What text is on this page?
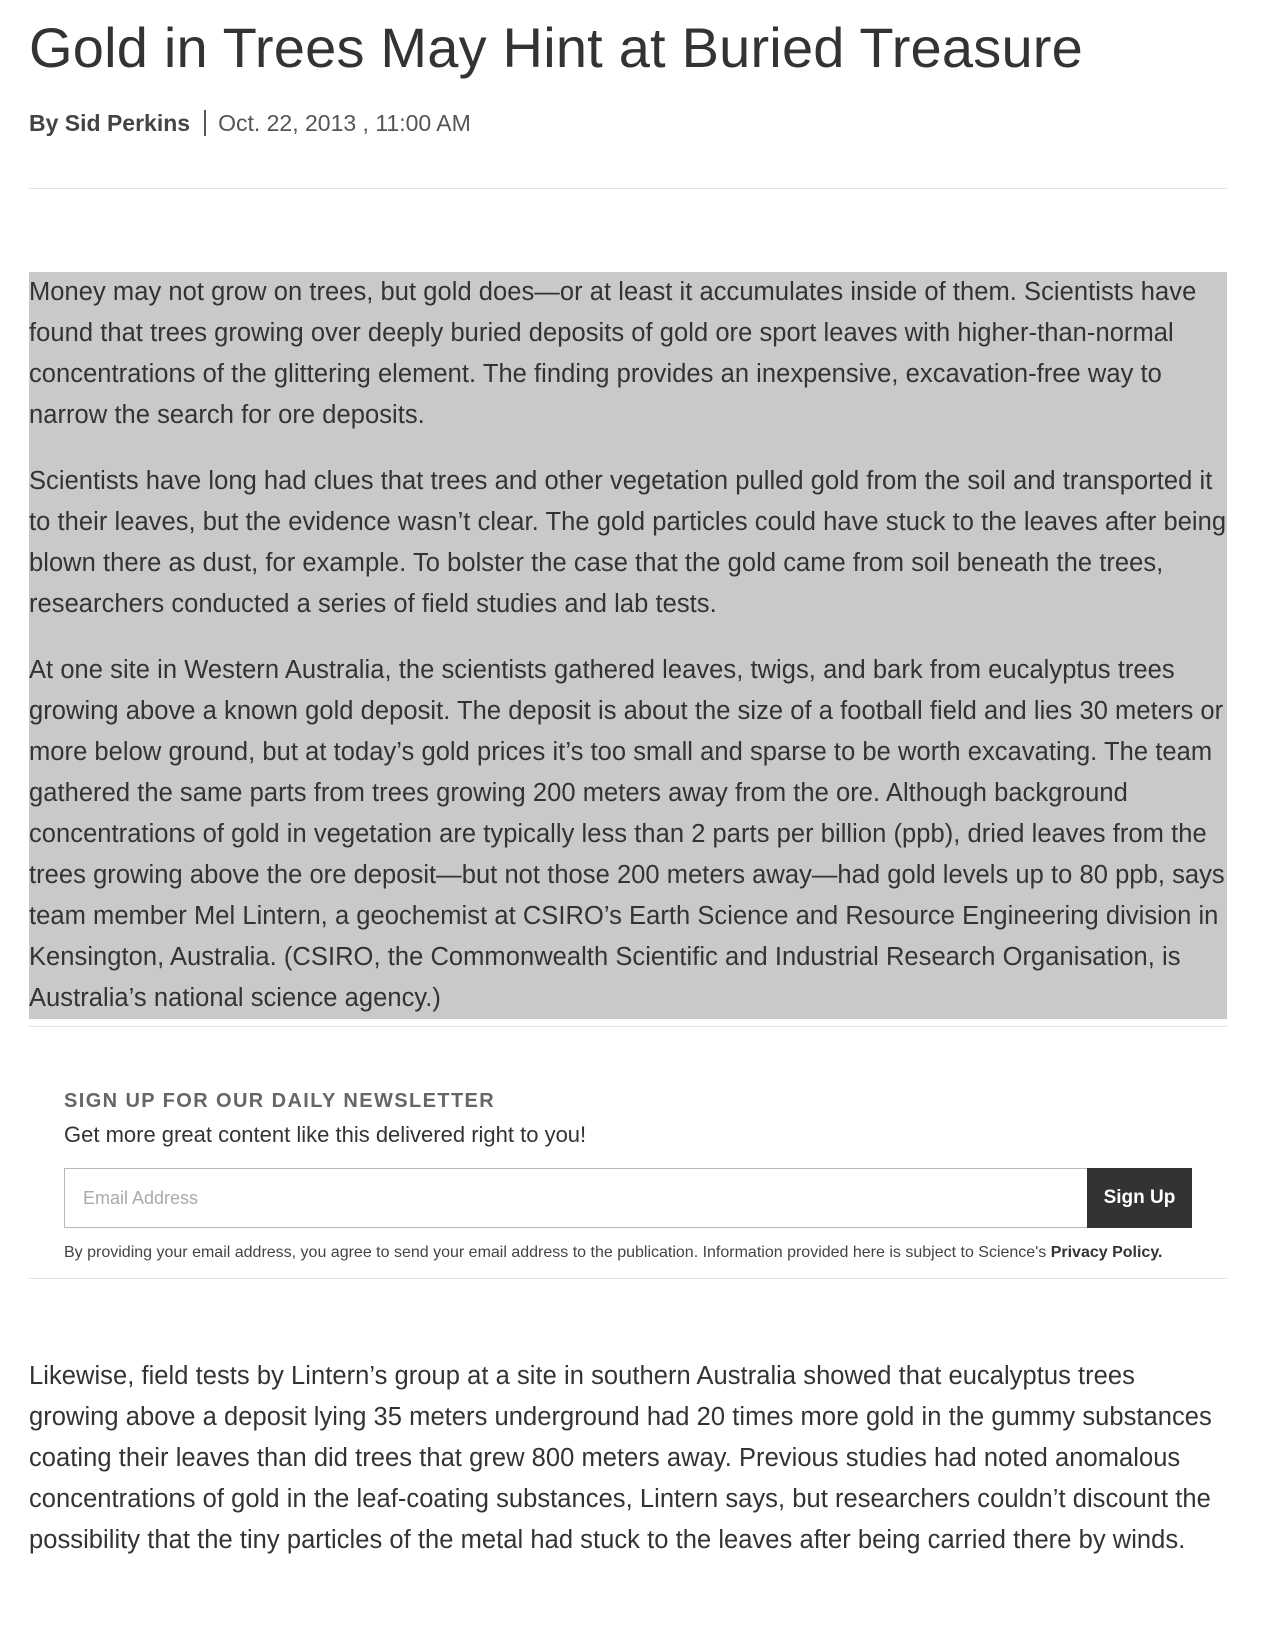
Gold in Trees May Hint at Buried Treasure
By Sid Perkins Oct. 22, 2013 , 11:00 AM

Money may not grow on trees, but gold does—or at least it accumulates inside of them. Scientists have found that trees growing over deeply buried deposits of gold ore sport leaves with higher-than-normal concentrations of the glittering element. The finding provides an inexpensive, excavation-free way to narrow the search for ore deposits.

Scientists have long had clues that trees and other vegetation pulled gold from the soil and transported it to their leaves, but the evidence wasn’t clear. The gold particles could have stuck to the leaves after being blown there as dust, for example. To bolster the case that the gold came from soil beneath the trees, researchers conducted a series of field studies and lab tests.

At one site in Western Australia, the scientists gathered leaves, twigs, and bark from eucalyptus trees growing above a known gold deposit. The deposit is about the size of a football field and lies 30 meters or more below ground, but at today’s gold prices it’s too small and sparse to be worth excavating. The team gathered the same parts from trees growing 200 meters away from the ore. Although background concentrations of gold in vegetation are typically less than 2 parts per billion (ppb), dried leaves from the trees growing above the ore deposit—but not those 200 meters away—had gold levels up to 80 ppb, says team member Mel Lintern, a geochemist at CSIRO’s Earth Science and Resource Engineering division in Kensington, Australia. (CSIRO, the Commonwealth Scientific and Industrial Research Organisation, is Australia’s national science agency.)

SIGN UP FOR OUR DAILY NEWSLETTER
Get more great content like this delivered right to you!
Email Address
Sign Up
By providing your email address, you agree to send your email address to the publication. Information provided here is subject to Science's Privacy Policy.

Likewise, field tests by Lintern’s group at a site in southern Australia showed that eucalyptus trees growing above a deposit lying 35 meters underground had 20 times more gold in the gummy substances coating their leaves than did trees that grew 800 meters away. Previous studies had noted anomalous concentrations of gold in the leaf-coating substances, Lintern says, but researchers couldn’t discount the possibility that the tiny particles of the metal had stuck to the leaves after being carried there by winds.
